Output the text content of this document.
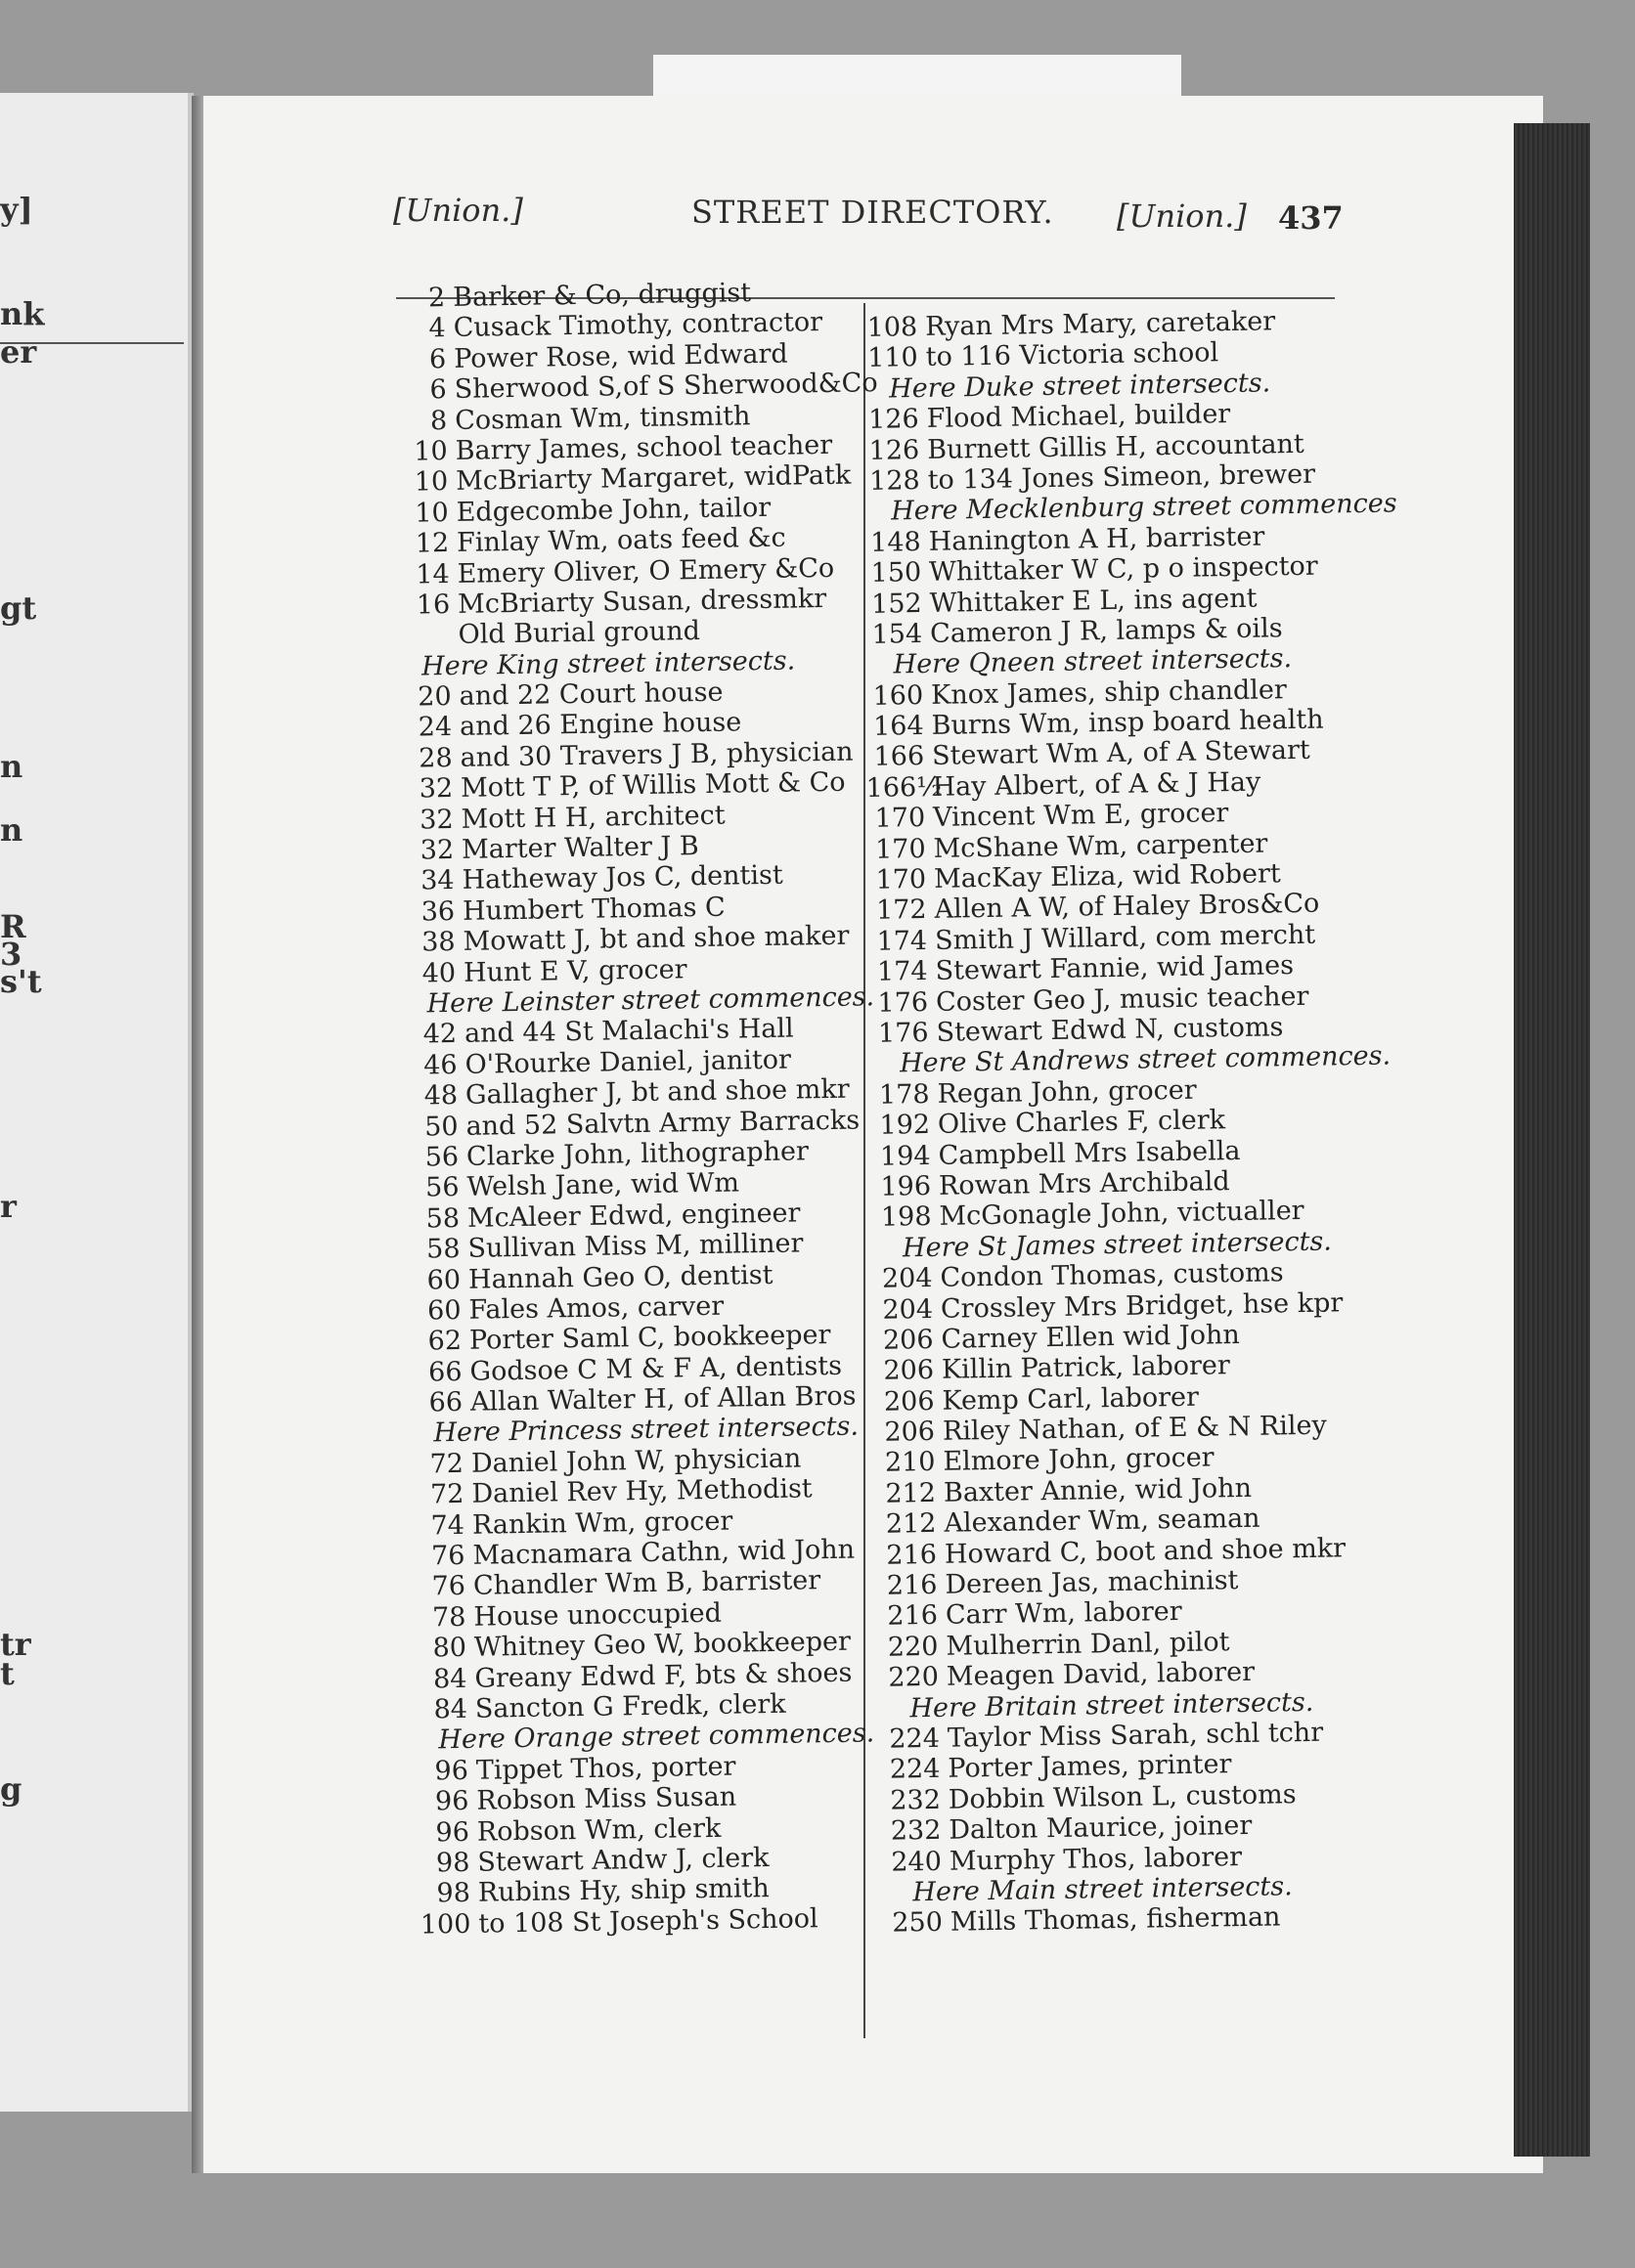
y]
nk
er
gt
n
n
R
3
s't
r
tr
t
g
[Union.]	STREET DIRECTORY. [Union.] 437
2 Barker & Co, druggist
4 Cusack Timothy, contractor
6 Power Rose, wid Edward
6 Sherwood S,of S Sherwood&Co
8 Cosman Wm, tinsmith
10 Barry James, school teacher
10 McBriarty Margaret, widPatk
10 Edgecombe John, tailor
12 Finlay Wm, oats feed &c
14 Emery Oliver, O Emery &Co
16 McBriarty Susan, dressmkr
Old Burial ground
Here King street intersects.
20 and 22 Court house
24 and 26 Engine house
28 and 30 Travers J B, physician
32 Mott T P, of Willis Mott & Co
32 Mott H H, architect
32 Marter Walter J B
34 Hatheway Jos C, dentist
36 Humbert Thomas C
38 Mowatt J, bt and shoe maker
40 Hunt E V, grocer
Here Leinster street commences.
42 and 44 St Malachi's Hall
46 O'Rourke Daniel, janitor
48 Gallagher J, bt and shoe mkr
50 and 52 Salvtn Army Barracks
56 Clarke John, lithographer
56 Welsh Jane, wid Wm
58 McAleer Edwd, engineer
58 Sullivan Miss M, milliner
60 Hannah Geo O, dentist
60 Fales Amos, carver
62 Porter Saml C, bookkeeper
66 Godsoe C M & F A, dentists
66 Allan Walter H, of Allan Bros
Here Princess street intersects.
72 Daniel John W, physician
72 Daniel Rev Hy, Methodist
74 Rankin Wm, grocer
76 Macnamara Cathn, wid John
76 Chandler Wm B, barrister
78 House unoccupied
80 Whitney Geo W, bookkeeper
84 Greany Edwd F, bts & shoes
84 Sancton G Fredk, clerk
Here Orange street commences.
96 Tippet Thos, porter
96 Robson Miss Susan
96 Robson Wm, clerk
98 Stewart Andw J, clerk
98 Rubins Hy, ship smith
100 to 108 St Joseph's School
108 Ryan Mrs Mary, caretaker
110 to 116 Victoria school
Here Duke street intersects.
126 Flood Michael, builder
126 Burnett Gillis H, accountant
128 to 134 Jones Simeon, brewer
Here Mecklenburg street commences
148 Hanington A H, barrister
150 Whittaker W C, p o inspector
152 Whittaker E L, ins agent
154 Cameron J R, lamps & oils
Here Qneen street intersects.
160 Knox James, ship chandler
164 Burns Wm, insp board health
166 Stewart Wm A, of A Stewart
166½Hay Albert, of A & J Hay
170 Vincent Wm E, grocer
170 McShane Wm, carpenter
170 MacKay Eliza, wid Robert
172 Allen A W, of Haley Bros&Co
174 Smith J Willard, com mercht
174 Stewart Fannie, wid James
176 Coster Geo J, music teacher
176 Stewart Edwd N, customs
Here St Andrews street commences.
178 Regan John, grocer
192 Olive Charles F, clerk
194 Campbell Mrs Isabella
196 Rowan Mrs Archibald
198 McGonagle John, victualler
Here St James street intersects.
204 Condon Thomas, customs
204 Crossley Mrs Bridget, hse kpr
206 Carney Ellen wid John
206 Killin Patrick, laborer
206 Kemp Carl, laborer
206 Riley Nathan, of E & N Riley
210 Elmore John, grocer
212 Baxter Annie, wid John
212 Alexander Wm, seaman
216 Howard C, boot and shoe mkr
216 Dereen Jas, machinist
216 Carr Wm, laborer
220 Mulherrin Danl, pilot
220 Meagen David, laborer
Here Britain street intersects.
224 Taylor Miss Sarah, schl tchr
224 Porter James, printer
232 Dobbin Wilson L, customs
232 Dalton Maurice, joiner
240 Murphy Thos, laborer
Here Main street intersects.
250 Mills Thomas, fisherman
